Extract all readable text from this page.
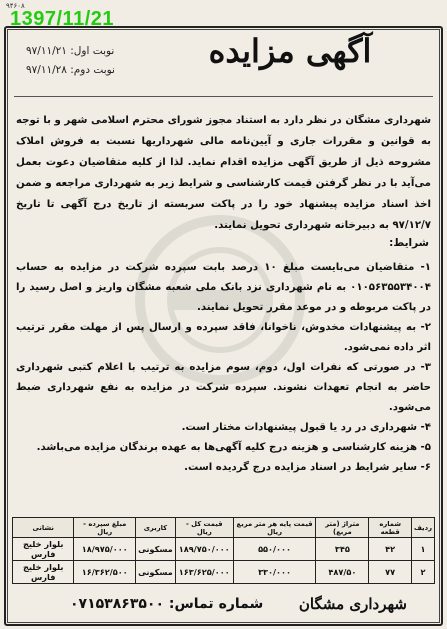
۹۴۶۰۸
1397/11/21
آگهی مزایده
نوبت اول: ۹۷/۱۱/۲۱
نوبت دوم: ۹۷/۱۱/۲۸
شهرداری مشگان در نظر دارد به استناد مجوز شورای محترم اسلامی شهر و با توجه به قوانین و مقررات جاری و آیین‌نامه مالی شهرداریها نسبت به فروش املاک مشروحه ذیل از طریق آگهی مزایده اقدام نماید. لذا از کلیه متقاضیان دعوت بعمل می‌آید با در نظر گرفتن قیمت کارشناسی و شرایط زیر به شهرداری مراجعه و ضمن اخذ اسناد مزایده پیشنهاد خود را در پاکت سربسته از تاریخ درج آگهی تا تاریخ ۹۷/۱۲/۷ به دبیرخانه شهرداری تحویل نمایند.
شرایط:
۱- متقاضیان می‌بایست مبلغ ۱۰ درصد بابت سپرده شرکت در مزایده به حساب ۰۱۰۵۶۳۵۵۳۴۰۰۴ به نام شهرداری نزد بانک ملی شعبه مشگان واریز و اصل رسید را در پاکت مربوطه و در موعد مقرر تحویل نمایند.
۲- به پیشنهادات مخدوش، ناخوانا، فاقد سپرده و ارسال پس از مهلت مقرر ترتیب اثر داده نمی‌شود.
۳- در صورتی که نفرات اول، دوم، سوم مزایده به ترتیب با اعلام کتبی شهرداری حاضر به انجام تعهدات نشوند. سپرده شرکت در مزایده به نفع شهرداری ضبط می‌شود.
۴- شهرداری در رد یا قبول پیشنهادات مختار است.
۵- هزینه کارشناسی و هزینه درج کلیه آگهی‌ها به عهده برندگان مزایده می‌باشد.
۶- سایر شرایط در اسناد مزایده درج گردیده است.
ردیف	شماره قطعه	متراژ (متر مربع)	قیمت پایه هر متر مربع ریال	قیمت کل - ریال	کاربری	مبلغ سپرده - ریال	نشانی
۱	۴۲	۳۴۵	۵۵۰/۰۰۰	۱۸۹/۷۵۰/۰۰۰	مسکونی	۱۸/۹۷۵/۰۰۰	بلوار خلیج فارس
۲	۷۷	۴۸۷/۵۰	۳۳۰/۰۰۰	۱۶۳/۶۲۵/۰۰۰	مسکونی	۱۶/۳۶۲/۵۰۰	بلوار خلیج فارس
شهرداری مشگان
شماره تماس: ۰۷۱۵۳۸۶۳۵۰۰
